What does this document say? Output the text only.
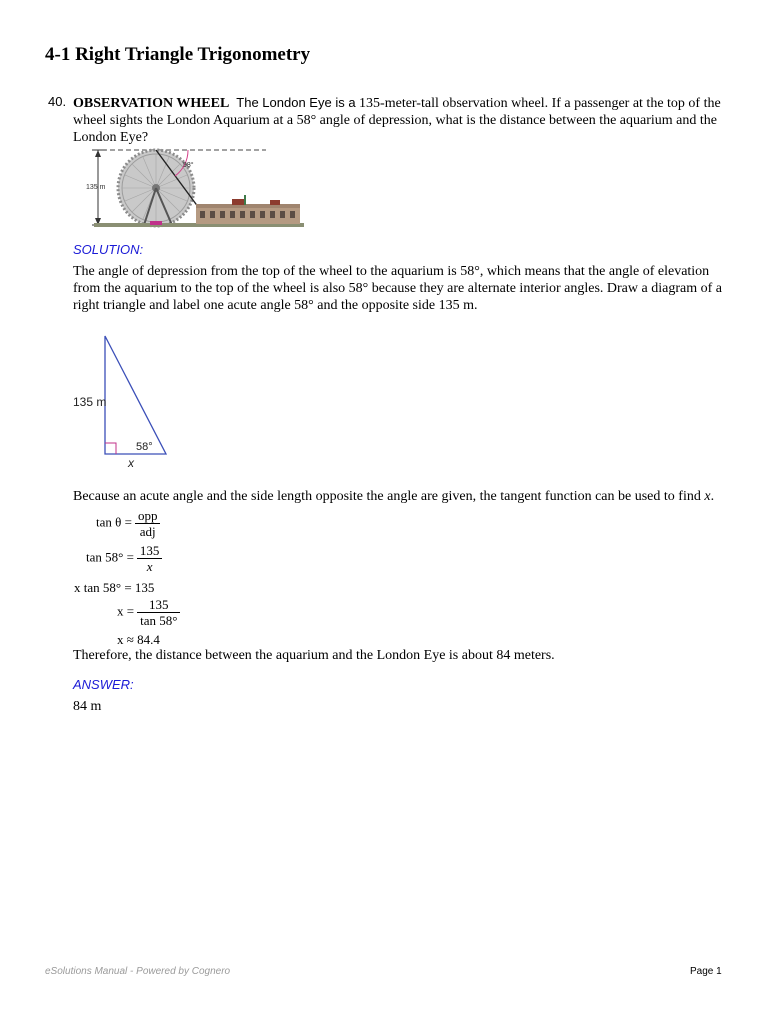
4-1 Right Triangle Trigonometry
40. OBSERVATION WHEEL The London Eye is a 135-meter-tall observation wheel. If a passenger at the top of the wheel sights the London Aquarium at a 58° angle of depression, what is the distance between the aquarium and the London Eye?
135 m
58°
SOLUTION:
The angle of depression from the top of the wheel to the aquarium is 58°, which means that the angle of elevation from the aquarium to the top of the wheel is also 58° because they are alternate interior angles. Draw a diagram of a right triangle and label one acute angle 58° and the opposite side 135 m.
135 m
58°
x
Because an acute angle and the side length opposite the angle are given, the tangent function can be used to find x.
$\tan \theta = \frac{\text{opp}}{\text{adj}}$
$\tan 58^\circ = \frac{135}{x}$
x tan 58° = 135
$x = \frac{135}{\tan 58^\circ}$
x ≈ 84.4
Therefore, the distance between the aquarium and the London Eye is about 84 meters.
ANSWER:
84 m
eSolutions Manual - Powered by Cognero	Page 1
